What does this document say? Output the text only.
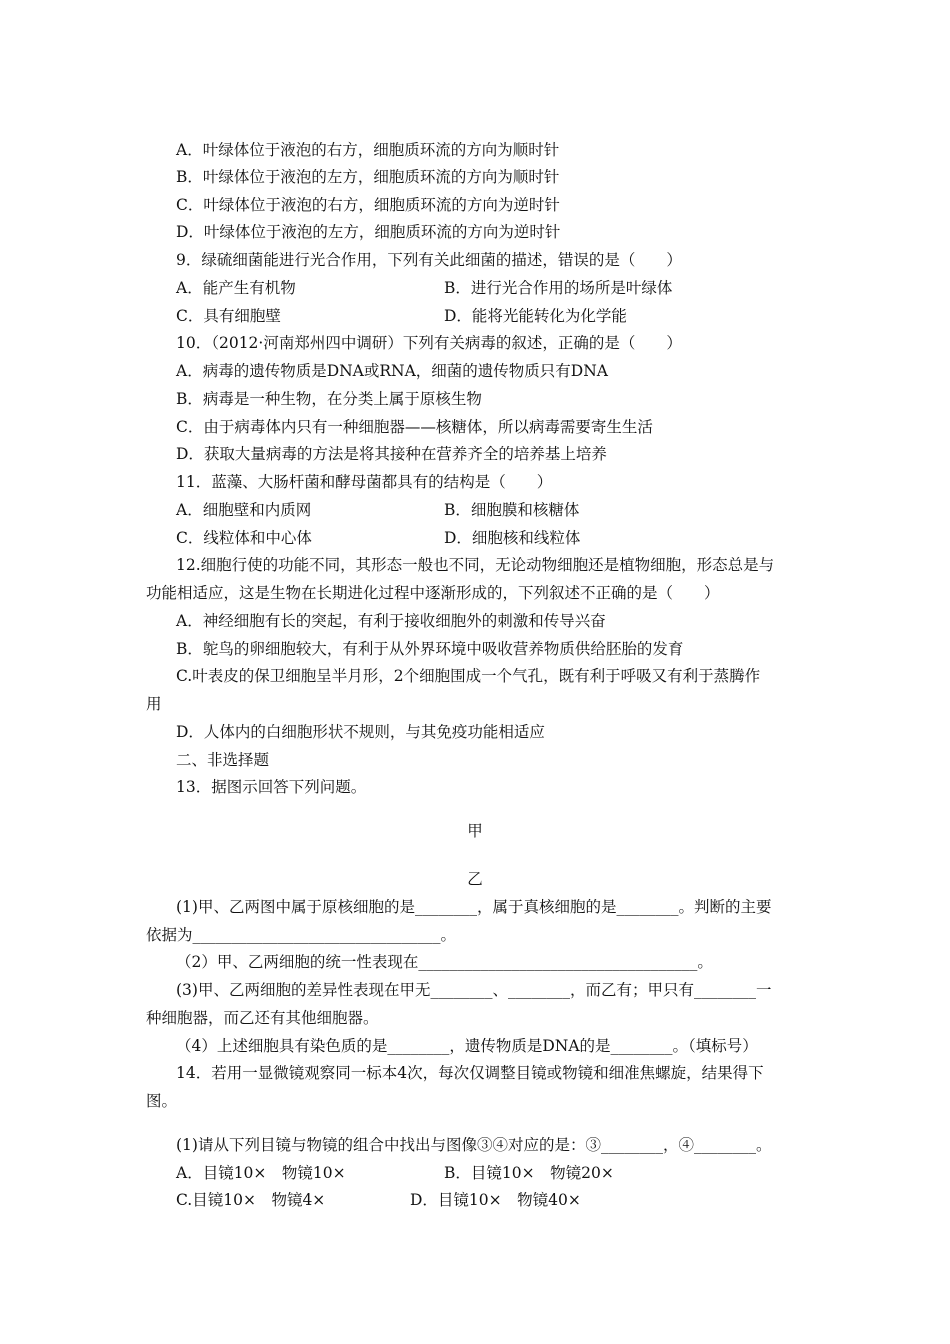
A．叶绿体位于液泡的右方，细胞质环流的方向为顺时针
B．叶绿体位于液泡的左方，细胞质环流的方向为顺时针
C．叶绿体位于液泡的右方，细胞质环流的方向为逆时针
D．叶绿体位于液泡的左方，细胞质环流的方向为逆时针
9．绿硫细菌能进行光合作用，下列有关此细菌的描述，错误的是（　　）
A．能产生有机物	B．进行光合作用的场所是叶绿体
C．具有细胞壁	D．能将光能转化为化学能
10．（2012·河南郑州四中调研）下列有关病毒的叙述，正确的是（　　）
A．病毒的遗传物质是DNA或RNA，细菌的遗传物质只有DNA
B．病毒是一种生物，在分类上属于原核生物
C．由于病毒体内只有一种细胞器——核糖体，所以病毒需要寄生生活
D．获取大量病毒的方法是将其接种在营养齐全的培养基上培养
11．蓝藻、大肠杆菌和酵母菌都具有的结构是（　　）
A．细胞壁和内质网	B．细胞膜和核糖体
C．线粒体和中心体	D．细胞核和线粒体
12.细胞行使的功能不同，其形态一般也不同，无论动物细胞还是植物细胞，形态总是与
功能相适应，这是生物在长期进化过程中逐渐形成的，下列叙述不正确的是（　　）
A．神经细胞有长的突起，有利于接收细胞外的刺激和传导兴奋
B．鸵鸟的卵细胞较大，有利于从外界环境中吸收营养物质供给胚胎的发育
C.叶表皮的保卫细胞呈半月形，2个细胞围成一个气孔，既有利于呼吸又有利于蒸腾作
用
D．人体内的白细胞形状不规则，与其免疫功能相适应
二、非选择题
13．据图示回答下列问题。
甲
乙
(1)甲、乙两图中属于原核细胞的是________，属于真核细胞的是________。判断的主要
依据为________________________________。
（2）甲、乙两细胞的统一性表现在____________________________________。
(3)甲、乙两细胞的差异性表现在甲无________、________，而乙有；甲只有________一
种细胞器，而乙还有其他细胞器。
（4）上述细胞具有染色质的是________，遗传物质是DNA的是________。（填标号）
14．若用一显微镜观察同一标本4次，每次仅调整目镜或物镜和细准焦螺旋，结果得下
图。
(1)请从下列目镜与物镜的组合中找出与图像③④对应的是：③________，④________。
A．目镜10×　物镜10×	B．目镜10×　物镜20×
C.目镜10×　物镜4×	D．目镜10×　物镜40×
